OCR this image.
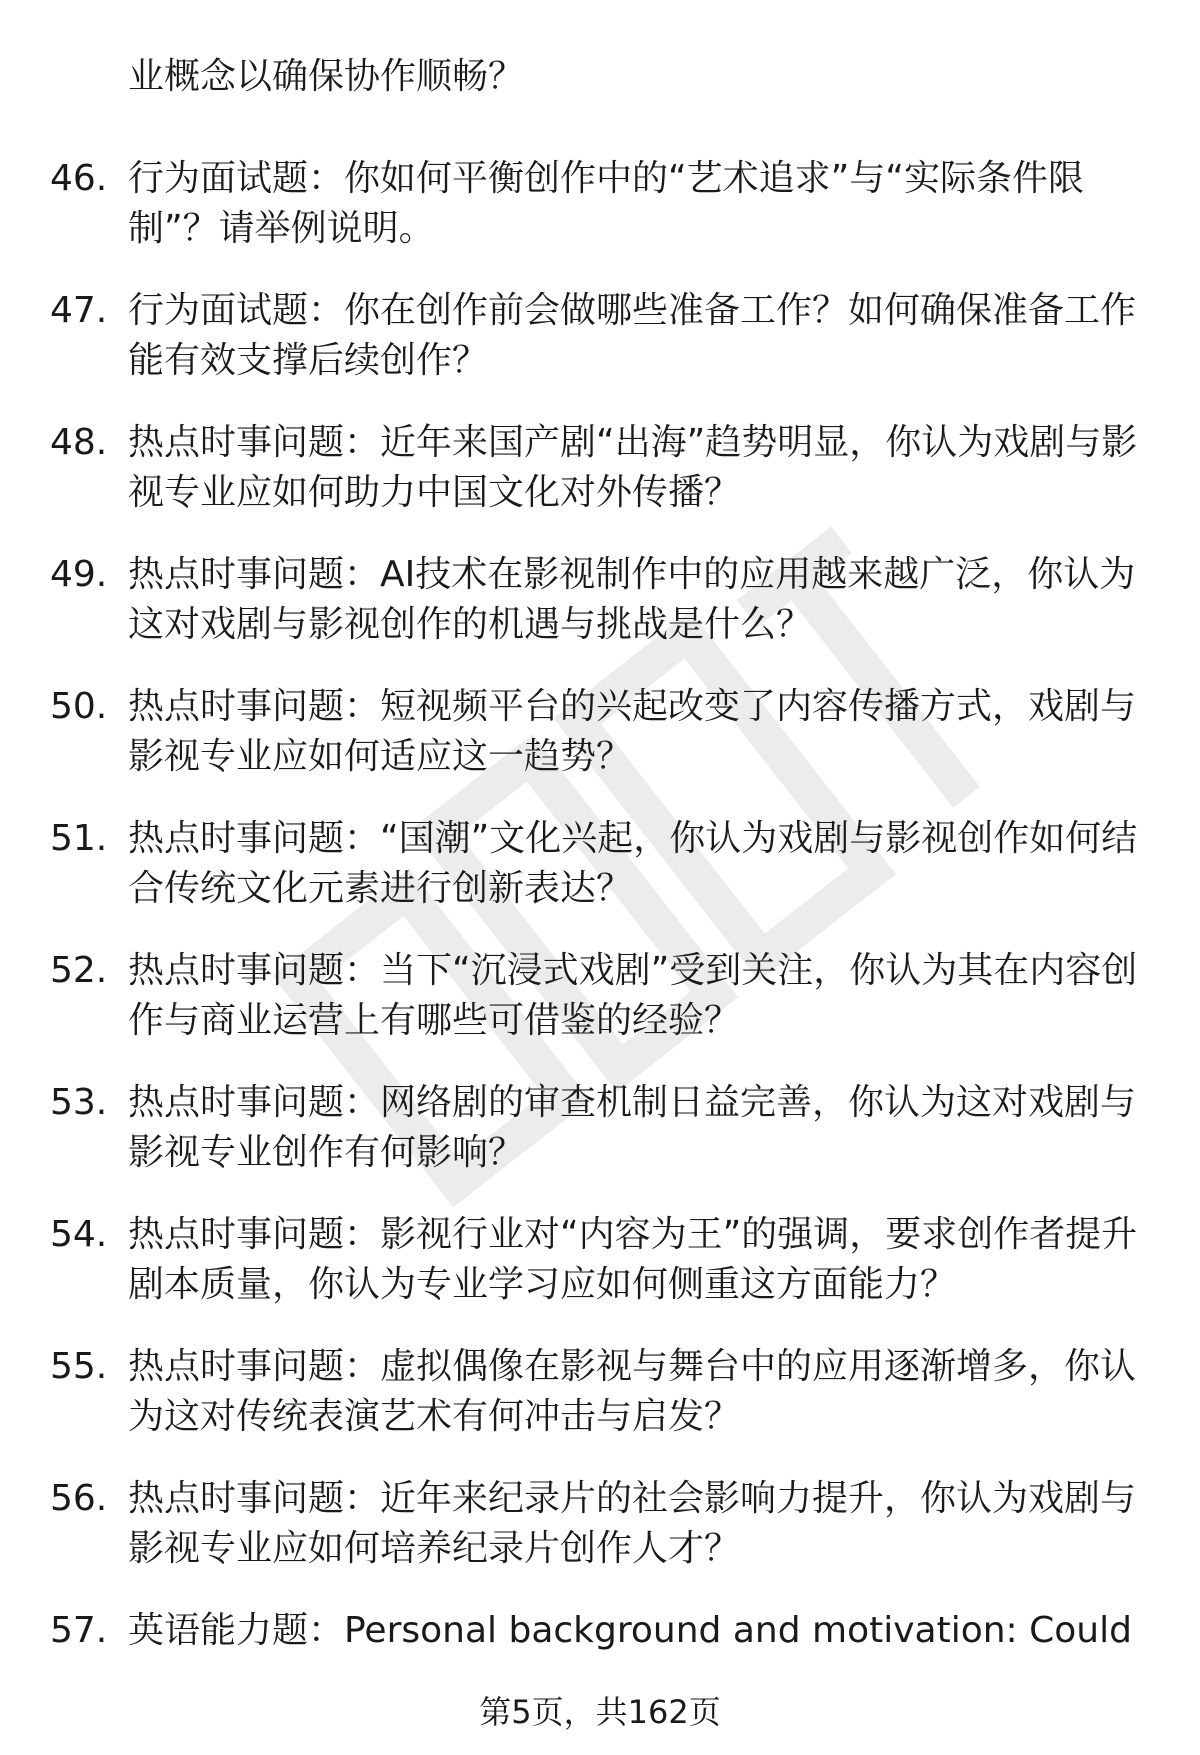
业概念以确保协作顺畅？

46. 行为面试题：你如何平衡创作中的“艺术追求”与“实际条件限制”？请举例说明。
47. 行为面试题：你在创作前会做哪些准备工作？如何确保准备工作能有效支撑后续创作？
48. 热点时事问题：近年来国产剧“出海”趋势明显，你认为戏剧与影视专业应如何助力中国文化对外传播？
49. 热点时事问题：AI技术在影视制作中的应用越来越广泛，你认为这对戏剧与影视创作的机遇与挑战是什么？
50. 热点时事问题：短视频平台的兴起改变了内容传播方式，戏剧与影视专业应如何适应这一趋势？
51. 热点时事问题：“国潮”文化兴起，你认为戏剧与影视创作如何结合传统文化元素进行创新表达？
52. 热点时事问题：当下“沉浸式戏剧”受到关注，你认为其在内容创作与商业运营上有哪些可借鉴的经验？
53. 热点时事问题：网络剧的审查机制日益完善，你认为这对戏剧与影视专业创作有何影响？
54. 热点时事问题：影视行业对“内容为王”的强调，要求创作者提升剧本质量，你认为专业学习应如何侧重这方面能力？
55. 热点时事问题：虚拟偶像在影视与舞台中的应用逐渐增多，你认为这对传统表演艺术有何冲击与启发？
56. 热点时事问题：近年来纪录片的社会影响力提升，你认为戏剧与影视专业应如何培养纪录片创作人才？
57. 英语能力题：Personal background and motivation: Could
第5页，共162页
